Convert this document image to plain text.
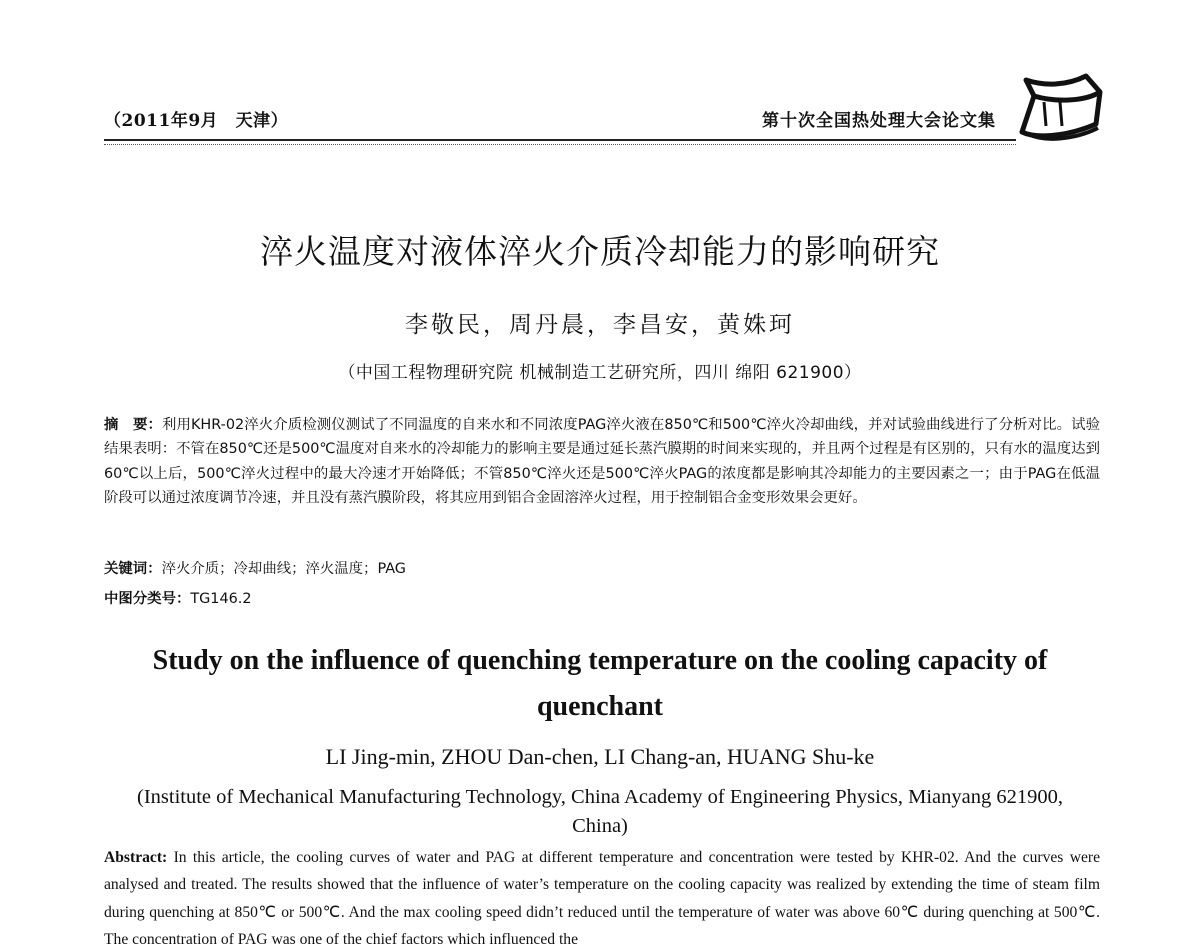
（2011年9月　天津）	第十次全国热处理大会论文集
淬火温度对液体淬火介质冷却能力的影响研究
李敬民，周丹晨，李昌安，黄姝珂
（中国工程物理研究院 机械制造工艺研究所，四川 绵阳 621900）
摘　要：利用KHR-02淬火介质检测仪测试了不同温度的自来水和不同浓度PAG淬火液在850℃和500℃淬火冷却曲线，并对试验曲线进行了分析对比。试验结果表明：不管在850℃还是500℃温度对自来水的冷却能力的影响主要是通过延长蒸汽膜期的时间来实现的，并且两个过程是有区别的，只有水的温度达到60℃以上后，500℃淬火过程中的最大冷速才开始降低；不管850℃淬火还是500℃淬火PAG的浓度都是影响其冷却能力的主要因素之一；由于PAG在低温阶段可以通过浓度调节冷速，并且没有蒸汽膜阶段，将其应用到铝合金固溶淬火过程，用于控制铝合金变形效果会更好。
关键词：淬火介质；冷却曲线；淬火温度；PAG
中图分类号：TG146.2
Study on the influence of quenching temperature on the cooling capacity of quenchant
LI Jing-min, ZHOU Dan-chen, LI Chang-an, HUANG Shu-ke
(Institute of Mechanical Manufacturing Technology, China Academy of Engineering Physics, Mianyang 621900, China)
Abstract: In this article, the cooling curves of water and PAG at different temperature and concentration were tested by KHR-02. And the curves were analysed and treated. The results showed that the influence of water’s temperature on the cooling capacity was realized by extending the time of steam film during quenching at 850℃ or 500℃. And the max cooling speed didn’t reduced until the temperature of water was above 60℃ during quenching at 500℃. The concentration of PAG was one of the chief factors which influenced the
